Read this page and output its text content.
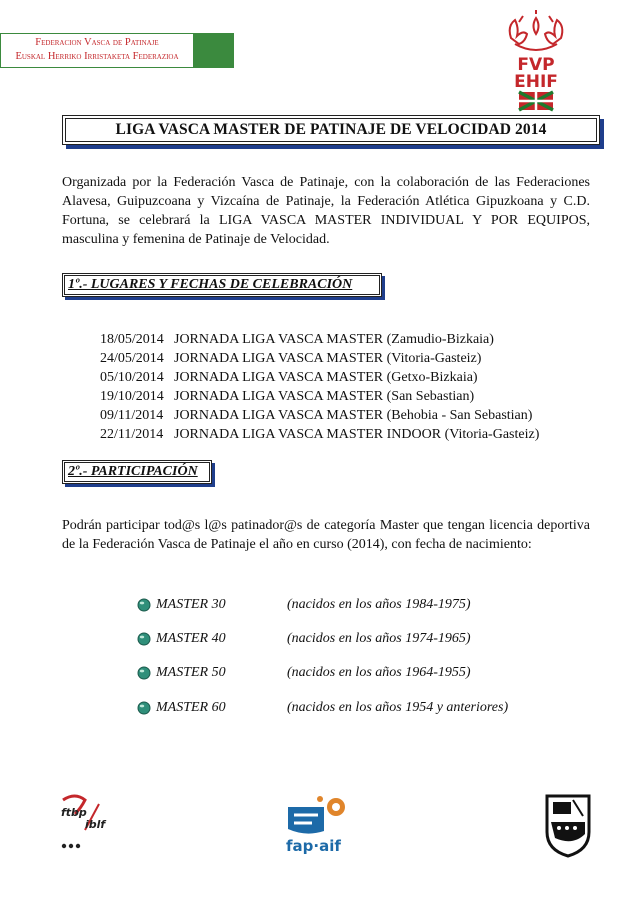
Federacion Vasca de Patinaje
Euskal Herriko Irristaketa Federazioa	FVP
EHIF
LIGA VASCA MASTER DE PATINAJE DE VELOCIDAD 2014
Organizada por la Federación Vasca de Patinaje, con la colaboración de las Federaciones Alavesa, Guipuzcoana y Vizcaína de Patinaje, la Federación Atlética Gipuzkoana y C.D. Fortuna, se celebrará la LIGA VASCA MASTER INDIVIDUAL Y POR EQUIPOS, masculina y femenina de Patinaje de Velocidad.
1º.- LUGARES Y FECHAS DE CELEBRACIÓN
18/05/2014 JORNADA LIGA VASCA MASTER (Zamudio-Bizkaia)
24/05/2014 JORNADA LIGA VASCA MASTER (Vitoria-Gasteiz)
05/10/2014 JORNADA LIGA VASCA MASTER (Getxo-Bizkaia)
19/10/2014 JORNADA LIGA VASCA MASTER (San Sebastian)
09/11/2014 JORNADA LIGA VASCA MASTER (Behobia - San Sebastian)
22/11/2014 JORNADA LIGA VASCA MASTER INDOOR (Vitoria-Gasteiz)
2º.- PARTICIPACIÓN
Podrán participar tod@s l@s patinador@s de categoría Master que tengan licencia deportiva de la Federación Vasca de Patinaje el año en curso (2014), con fecha de nacimiento:
MASTER 30	(nacidos en los años 1984-1975)
MASTER 40	(nacidos en los años 1974-1965)
MASTER 50	(nacidos en los años 1964-1955)
MASTER 60	(nacidos en los años 1954 y anteriores)
ftbp
iblf
fap·aif
